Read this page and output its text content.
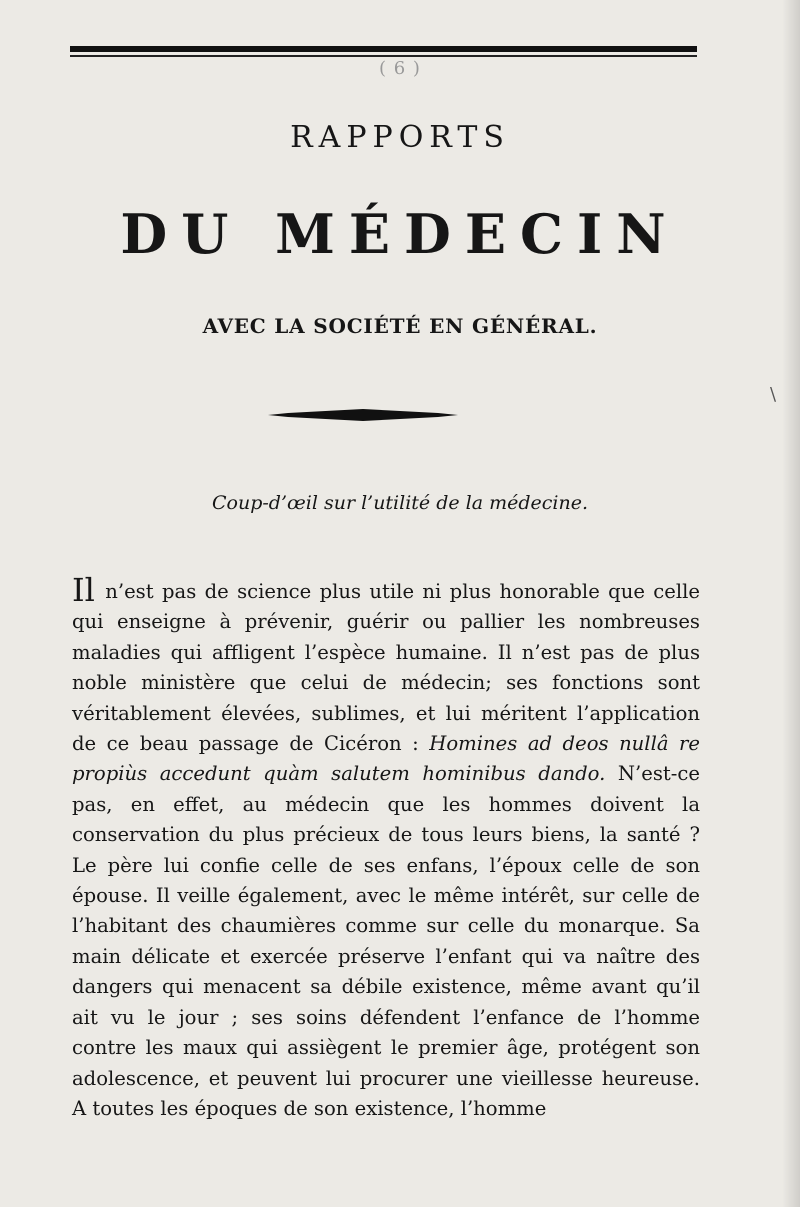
( 6 )
RAPPORTS
DU MÉDECIN
AVEC LA SOCIÉTÉ EN GÉNÉRAL.
Coup-d’œil sur l’utilité de la médecine.
Il n’est pas de science plus utile ni plus honorable que celle qui enseigne à prévenir, guérir ou pallier les nombreuses maladies qui affligent l’espèce humaine. Il n’est pas de plus noble ministère que celui de médecin; ses fonctions sont véritablement élevées, sublimes, et lui méritent l’application de ce beau passage de Cicéron : Homines ad deos nullâ re propiùs accedunt quàm salutem hominibus dando. N’est-ce pas, en effet, au médecin que les hommes doivent la conservation du plus précieux de tous leurs biens, la santé ? Le père lui confie celle de ses enfans, l’époux celle de son épouse. Il veille également, avec le même intérêt, sur celle de l’habitant des chaumières comme sur celle du monarque. Sa main délicate et exercée préserve l’enfant qui va naître des dangers qui menacent sa débile existence, même avant qu’il ait vu le jour ; ses soins défendent l’enfance de l’homme contre les maux qui assiègent le premier âge, protégent son adolescence, et peuvent lui procurer une vieillesse heureuse. A toutes les époques de son existence, l’homme
\
